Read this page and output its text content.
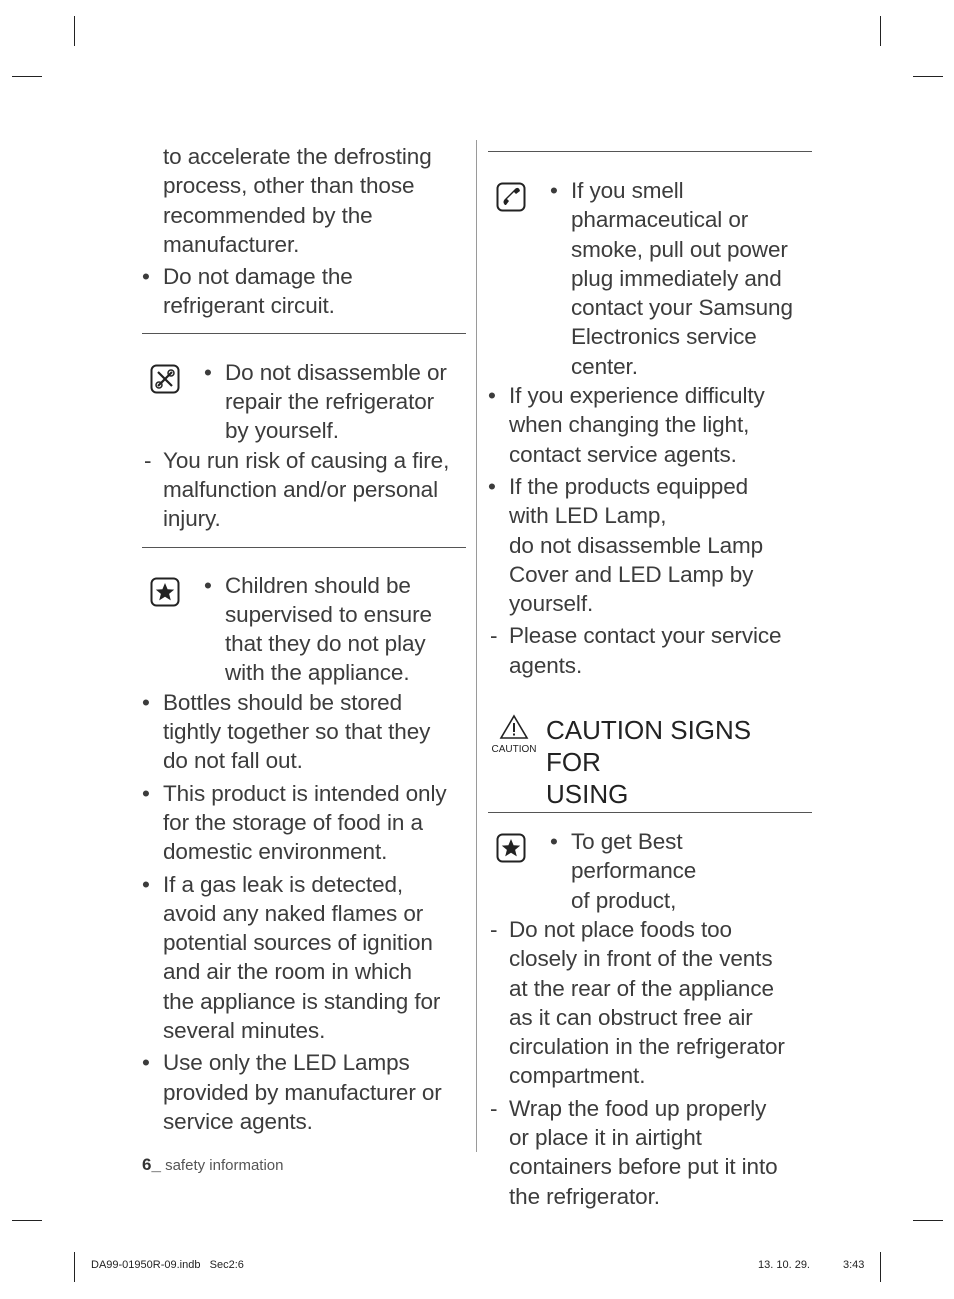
to accelerate the defrosting
process, other than those
recommended by the
manufacturer.
• Do not damage the
refrigerant circuit.
• Do not disassemble or
repair the refrigerator
by yourself.
- You run risk of causing a fire,
malfunction and/or personal
injury.
• Children should be
supervised to ensure
that they do not play
with the appliance.
• Bottles should be stored
tightly together so that they
do not fall out.
• This product is intended only
for the storage of food in a
domestic environment.
• If a gas leak is detected,
avoid any naked flames or
potential sources of ignition
and air the room in which
the appliance is standing for
several minutes.
• Use only the LED Lamps
provided by manufacturer or
service agents.
• If you smell
pharmaceutical or
smoke, pull out power
plug immediately and
contact your Samsung
Electronics service
center.
• If you experience difficulty
when changing the light,
contact service agents.
• If the products equipped
with LED Lamp,
do not disassemble Lamp
Cover and LED Lamp by
yourself.
- Please contact your service
agents.
CAUTION
CAUTION SIGNS FOR
USING
• To get Best performance
of product,
- Do not place foods too
closely in front of the vents
at the rear of the appliance
as it can obstruct free air
circulation in the refrigerator
compartment.
- Wrap the food up properly
or place it in airtight
containers before put it into
the refrigerator.
6_ safety information
DA99-01950R-09.indb   Sec2:6	13. 10. 29.	3:43
